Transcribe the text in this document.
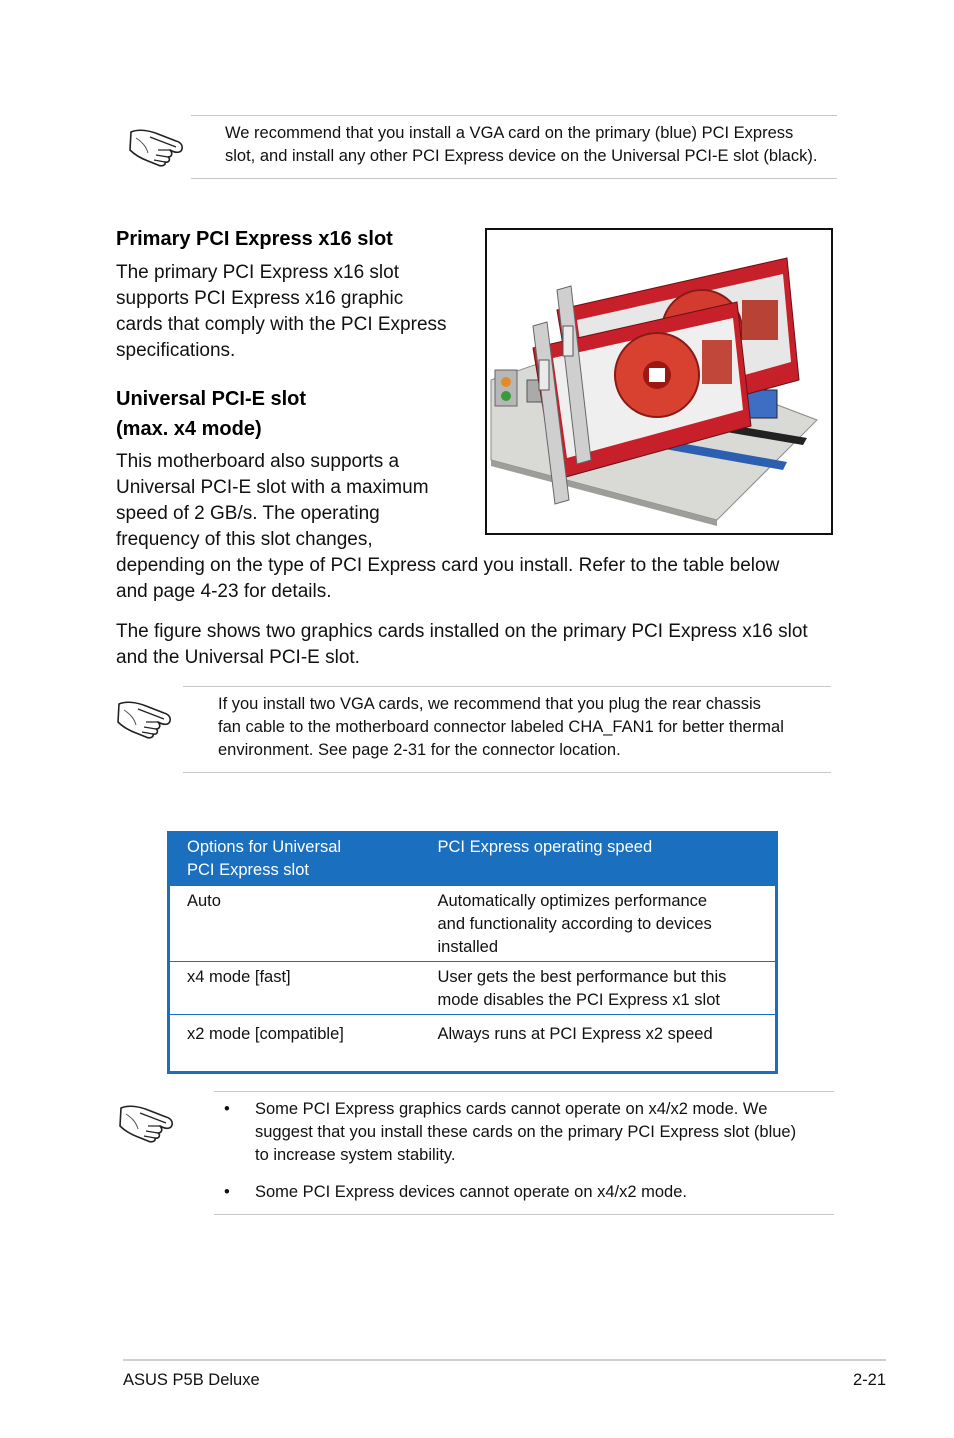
We recommend that you install a VGA card on the primary (blue) PCI Express
slot, and install any other PCI Express device on the Universal PCI-E slot (black).
Primary PCI Express x16 slot

The primary PCI Express x16 slot
supports PCI Express x16 graphic
cards that comply with the PCI Express
specifications.

Universal PCI-E slot
(max. x4 mode)

This motherboard also supports a
Universal PCI-E slot with a maximum
speed of 2 GB/s. The operating
frequency of this slot changes,
depending on the type of PCI Express card you install. Refer to the table below
and page 4-23 for details.

The figure shows two graphics cards installed on the primary PCI Express x16 slot
and the Universal PCI-E slot.

If you install two VGA cards, we recommend that you plug the rear chassis
fan cable to the motherboard connector labeled CHA_FAN1 for better thermal
environment. See page 2-31 for the connector location.
Options for Universal
PCI Express slot	PCI Express operating speed
Auto	Automatically optimizes performance
and functionality according to devices
installed
x4 mode [fast]	User gets the best performance but this
mode disables the PCI Express x1 slot
x2 mode [compatible]	Always runs at PCI Express x2 speed
• Some PCI Express graphics cards cannot operate on x4/x2 mode. We
suggest that you install these cards on the primary PCI Express slot (blue)
to increase system stability.
• Some PCI Express devices cannot operate on x4/x2 mode.
ASUS P5B Deluxe	2-21
